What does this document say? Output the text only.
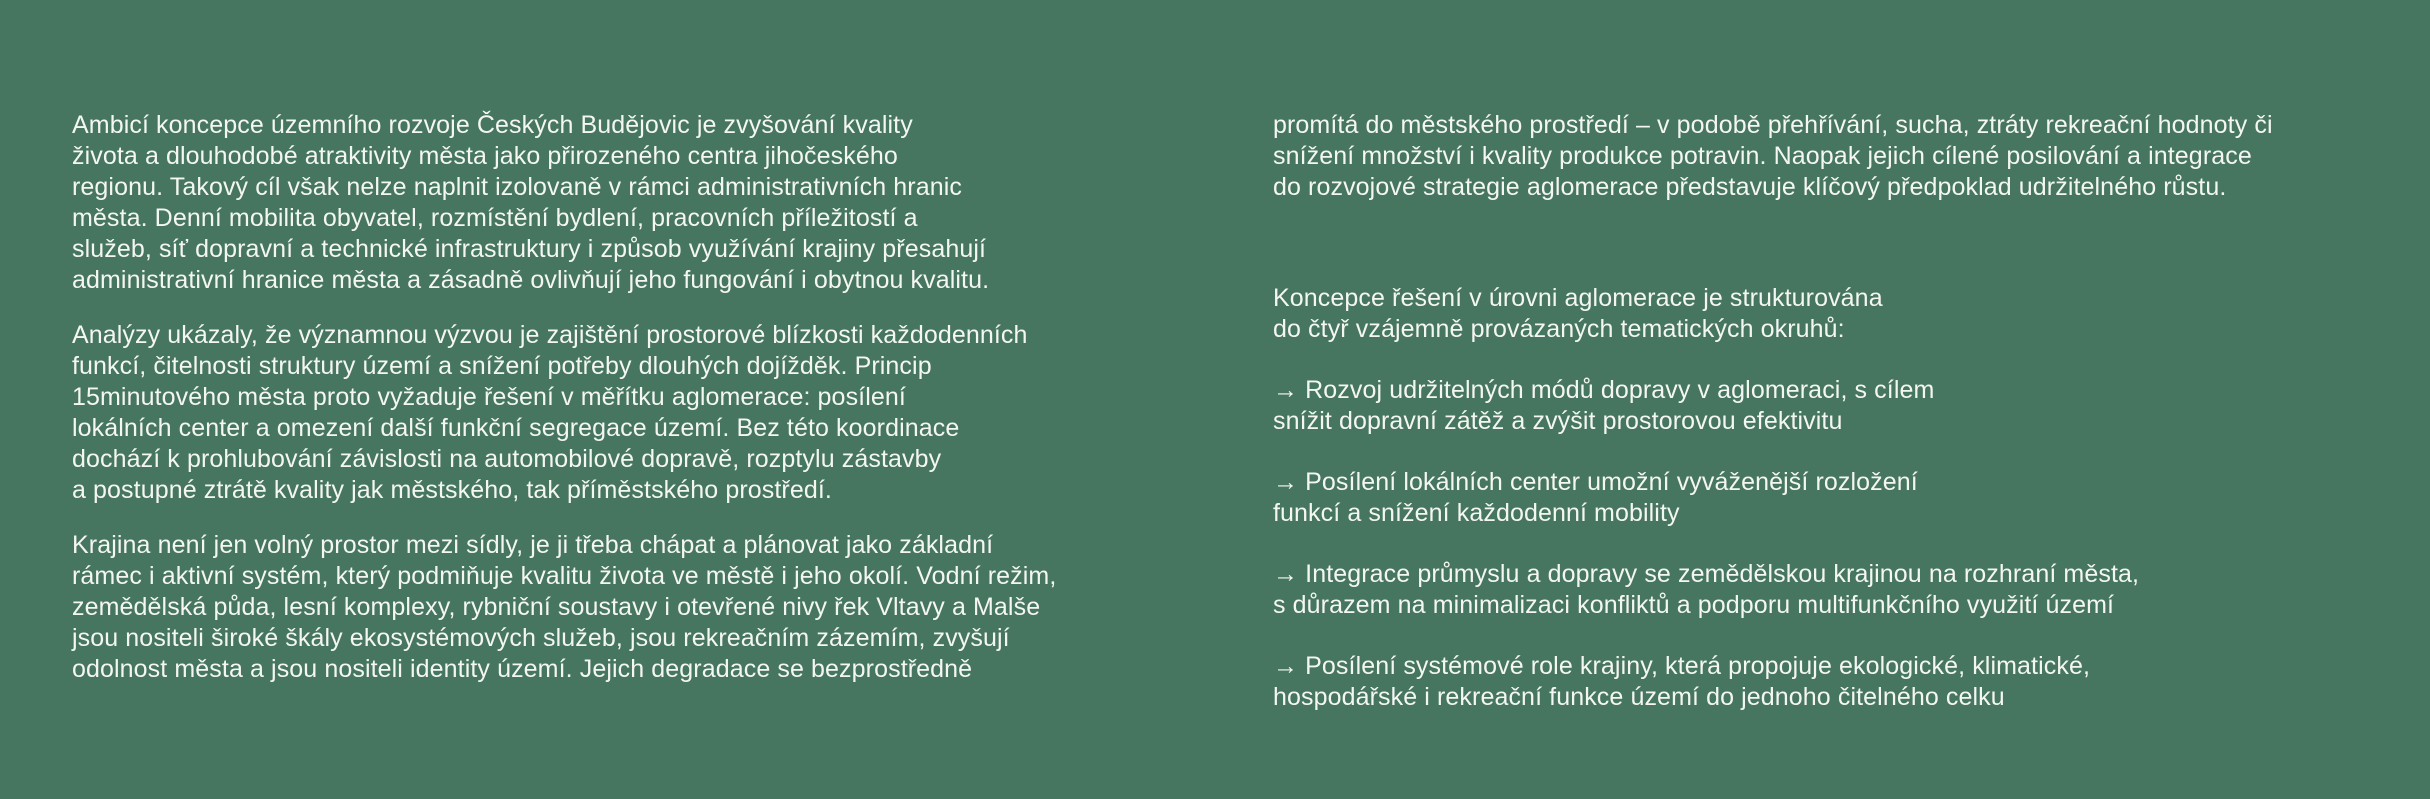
Ambicí koncepce územního rozvoje Českých Budějovic je zvyšování kvality
života a dlouhodobé atraktivity města jako přirozeného centra jihočeského
regionu. Takový cíl však nelze naplnit izolovaně v rámci administrativních hranic
města. Denní mobilita obyvatel, rozmístění bydlení, pracovních příležitostí a
služeb, síť dopravní a technické infrastruktury i způsob využívání krajiny přesahují
administrativní hranice města a zásadně ovlivňují jeho fungování i obytnou kvalitu.

Analýzy ukázaly, že významnou výzvou je zajištění prostorové blízkosti každodenních
funkcí, čitelnosti struktury území a snížení potřeby dlouhých dojížděk. Princip
15minutového města proto vyžaduje řešení v měřítku aglomerace: posílení
lokálních center a omezení další funkční segregace území. Bez této koordinace
dochází k prohlubování závislosti na automobilové dopravě, rozptylu zástavby
a postupné ztrátě kvality jak městského, tak příměstského prostředí.

Krajina není jen volný prostor mezi sídly, je ji třeba chápat a plánovat jako základní
rámec i aktivní systém, který podmiňuje kvalitu života ve městě i jeho okolí. Vodní režim,
zemědělská půda, lesní komplexy, rybniční soustavy i otevřené nivy řek Vltavy a Malše
jsou nositeli široké škály ekosystémových služeb, jsou rekreačním zázemím, zvyšují
odolnost města a jsou nositeli identity území. Jejich degradace se bezprostředně

promítá do městského prostředí – v podobě přehřívání, sucha, ztráty rekreační hodnoty či
snížení množství i kvality produkce potravin. Naopak jejich cílené posilování a integrace
do rozvojové strategie aglomerace představuje klíčový předpoklad udržitelného růstu.

Koncepce řešení v úrovni aglomerace je strukturována
do čtyř vzájemně provázaných tematických okruhů:

→ Rozvoj udržitelných módů dopravy v aglomeraci, s cílem
snížit dopravní zátěž a zvýšit prostorovou efektivitu

→ Posílení lokálních center umožní vyváženější rozložení
funkcí a snížení každodenní mobility

→ Integrace průmyslu a dopravy se zemědělskou krajinou na rozhraní města,
s důrazem na minimalizaci konfliktů a podporu multifunkčního využití území

→ Posílení systémové role krajiny, která propojuje ekologické, klimatické,
hospodářské i rekreační funkce území do jednoho čitelného celku
